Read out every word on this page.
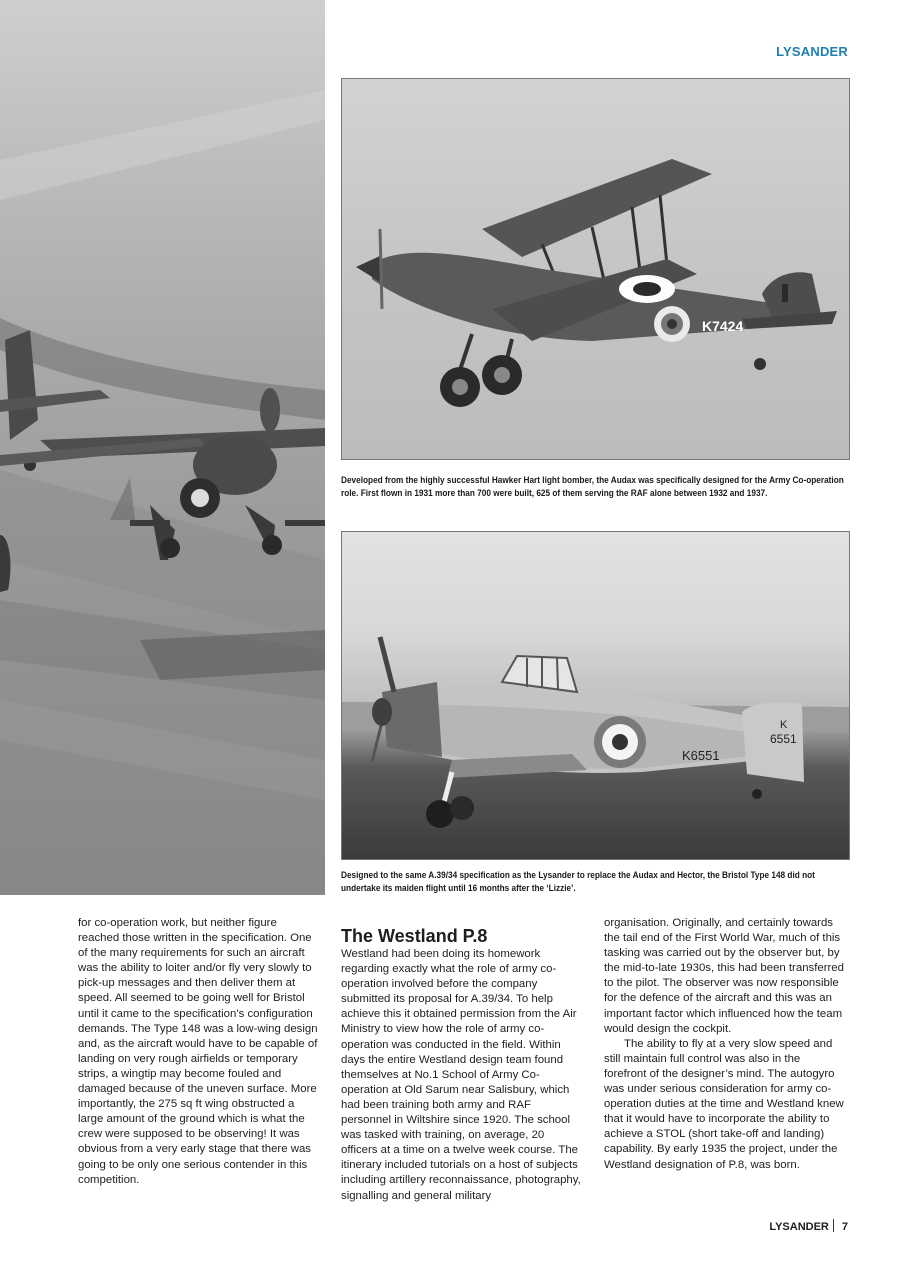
LYSANDER
K7424
Developed from the highly successful Hawker Hart light bomber, the Audax was specifically designed for the Army Co-operation role. First flown in 1931 more than 700 were built, 625 of them serving the RAF alone between 1932 and 1937.
K6551
K
6551
Designed to the same A.39/34 specification as the Lysander to replace the Audax and Hector, the Bristol Type 148 did not undertake its maiden flight until 16 months after the ‘Lizzie’.

for co-operation work, but neither figure reached those written in the specification. One of the many requirements for such an aircraft was the ability to loiter and/or fly very slowly to pick-up messages and then deliver them at speed. All seemed to be going well for Bristol until it came to the specification’s configuration demands. The Type 148 was a low-wing design and, as the aircraft would have to be capable of landing on very rough airfields or temporary strips, a wingtip may become fouled and damaged because of the uneven surface. More importantly, the 275 sq ft wing obstructed a large amount of the ground which is what the crew were supposed to be observing! It was obvious from a very early stage that there was going to be only one serious contender in this competition.

The Westland P.8

Westland had been doing its homework regarding exactly what the role of army co-operation involved before the company submitted its proposal for A.39/34. To help achieve this it obtained permission from the Air Ministry to view how the role of army co-operation was conducted in the field. Within days the entire Westland design team found themselves at No.1 School of Army Co-operation at Old Sarum near Salisbury, which had been training both army and RAF personnel in Wiltshire since 1920. The school was tasked with training, on average, 20 officers at a time on a twelve week course. The itinerary included tutorials on a host of subjects including artillery reconnaissance, photography, signalling and general military

organisation. Originally, and certainly towards the tail end of the First World War, much of this tasking was carried out by the observer but, by the mid-to-late 1930s, this had been transferred to the pilot. The observer was now responsible for the defence of the aircraft and this was an important factor which influenced how the team would design the cockpit.

The ability to fly at a very slow speed and still maintain full control was also in the forefront of the designer’s mind. The autogyro was under serious consideration for army co-operation duties at the time and Westland knew that it would have to incorporate the ability to achieve a STOL (short take-off and landing) capability. By early 1935 the project, under the Westland designation of P.8, was born.

LYSANDER 7
